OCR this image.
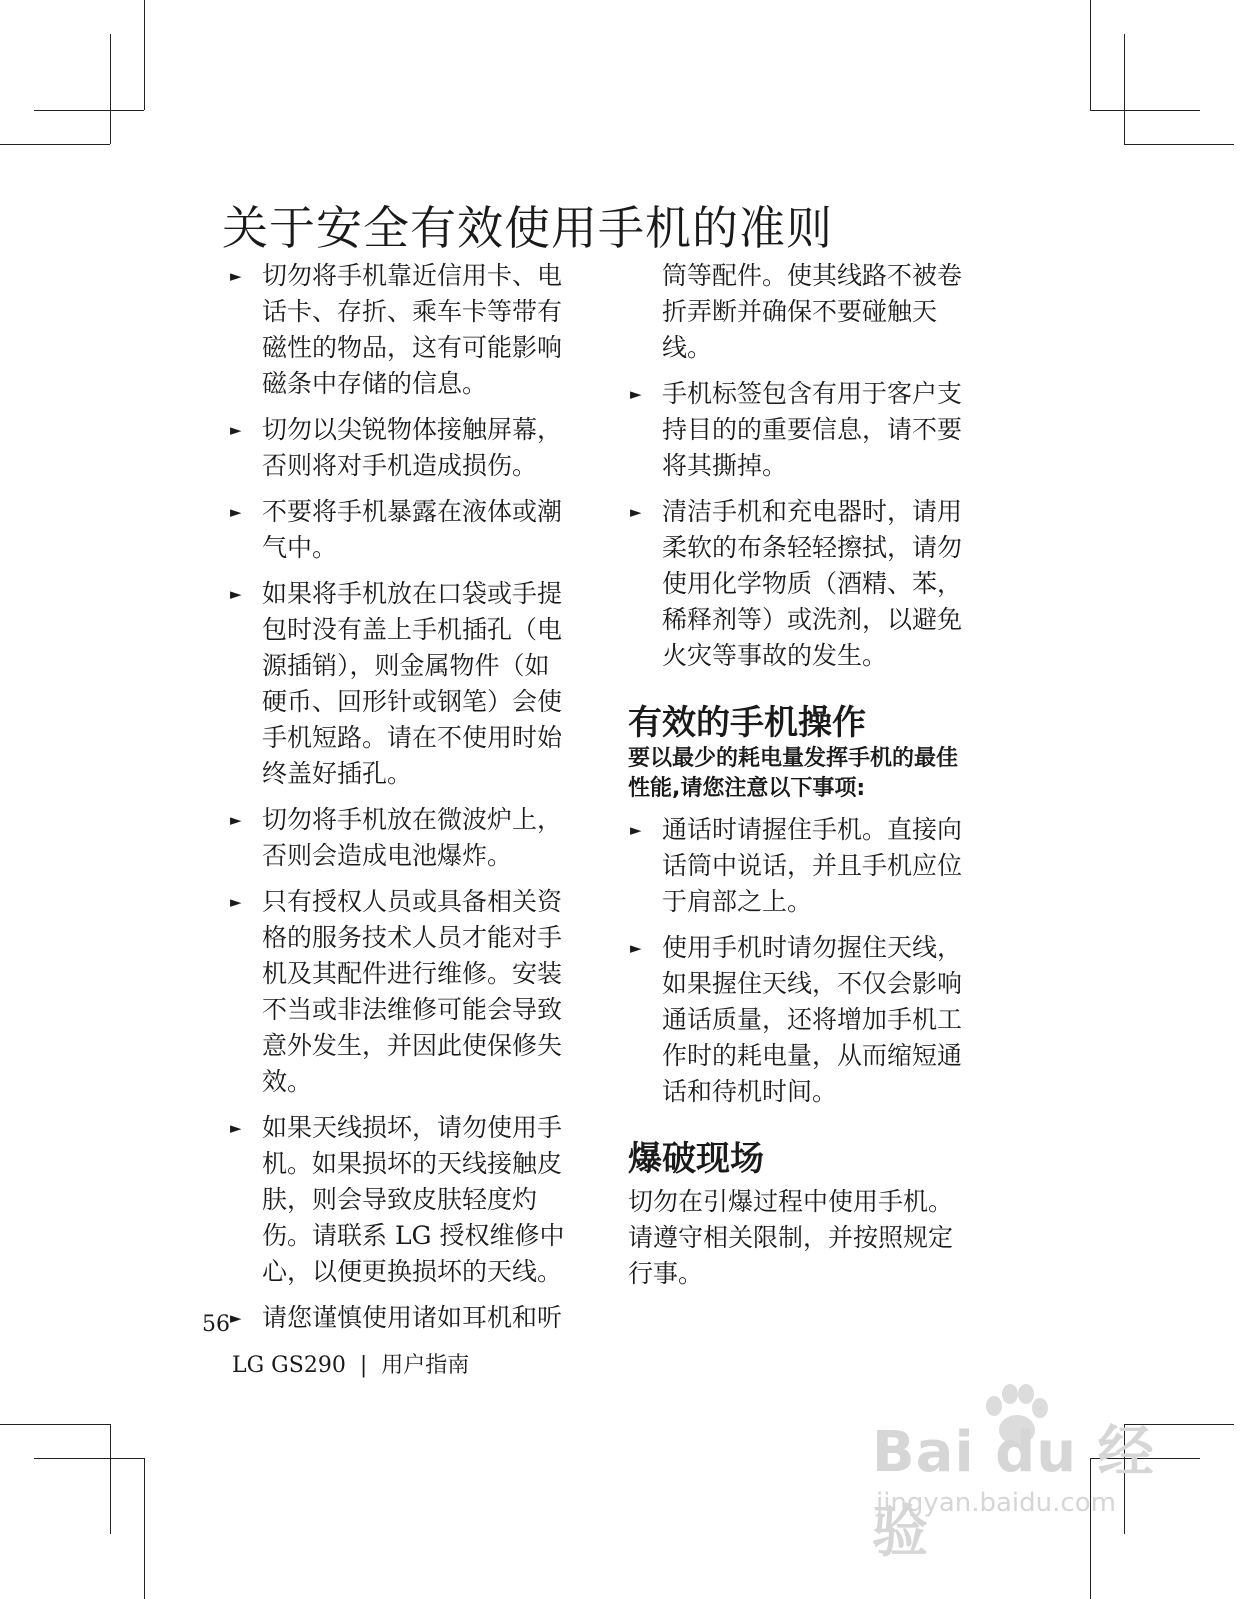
关于安全有效使用手机的准则
► 切勿将手机靠近信用卡、电话卡、存折、乘车卡等带有磁性的物品，这有可能影响磁条中存储的信息。
► 切勿以尖锐物体接触屏幕，否则将对手机造成损伤。
► 不要将手机暴露在液体或潮气中。
► 如果将手机放在口袋或手提包时没有盖上手机插孔（电源插销），则金属物件（如硬币、回形针或钢笔）会使手机短路。请在不使用时始终盖好插孔。
► 切勿将手机放在微波炉上，否则会造成电池爆炸。
► 只有授权人员或具备相关资格的服务技术人员才能对手机及其配件进行维修。安装不当或非法维修可能会导致意外发生，并因此使保修失效。
► 如果天线损坏，请勿使用手机。如果损坏的天线接触皮肤，则会导致皮肤轻度灼伤。请联系 LG 授权维修中心，以便更换损坏的天线。
► 请您谨慎使用诸如耳机和听
筒等配件。使其线路不被卷折弄断并确保不要碰触天线。
► 手机标签包含有用于客户支持目的的重要信息，请不要将其撕掉。
► 清洁手机和充电器时，请用柔软的布条轻轻擦拭，请勿使用化学物质（酒精、苯，稀释剂等）或洗剂，以避免火灾等事故的发生。
有效的手机操作

要以最少的耗电量发挥手机的最佳性能,请您注意以下事项:

► 通话时请握住手机。直接向话筒中说话，并且手机应位于肩部之上。
► 使用手机时请勿握住天线，如果握住天线，不仅会影响通话质量，还将增加手机工作时的耗电量，从而缩短通话和待机时间。
爆破现场

切勿在引爆过程中使用手机。请遵守相关限制，并按照规定行事。

56
LG GS290 | 用户指南
Bai du 经验
jingyan.baidu.com
